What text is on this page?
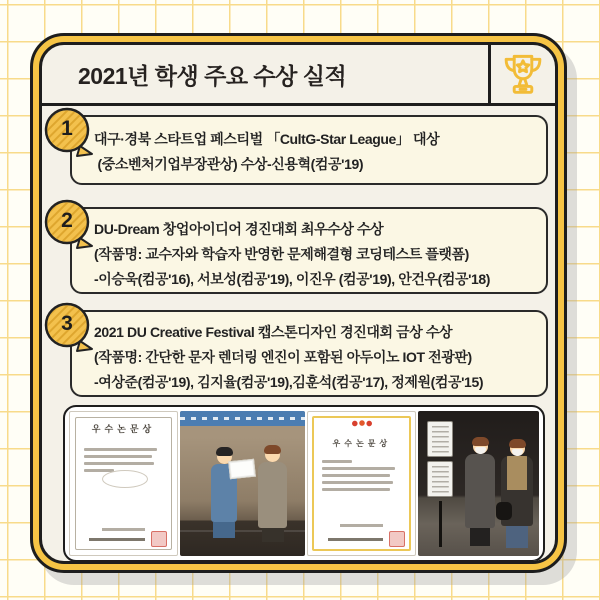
2021년 학생 주요 수상 실적
대구·경북 스타트업 페스티벌 「CultG-Star League」 대상
(중소벤처기업부장관상) 수상-신용혁(컴공'19)
DU-Dream 창업아이디어 경진대회 최우수상 수상
(작품명: 교수자와 학습자 반영한 문제해결형 코딩테스트 플랫폼)
-이승욱(컴공'16), 서보성(컴공'19), 이진우 (컴공'19), 안건우(컴공'18)
2021 DU Creative Festival 캡스톤디자인 경진대회 금상 수상
(작품명: 간단한 문자 렌더링 엔진이 포함된 아두이노 IOT 전광판)
-여상준(컴공'19), 김지율(컴공'19),김훈석(컴공'17), 정제원(컴공'15)
1
2
3
우수논문상
우수논문상
